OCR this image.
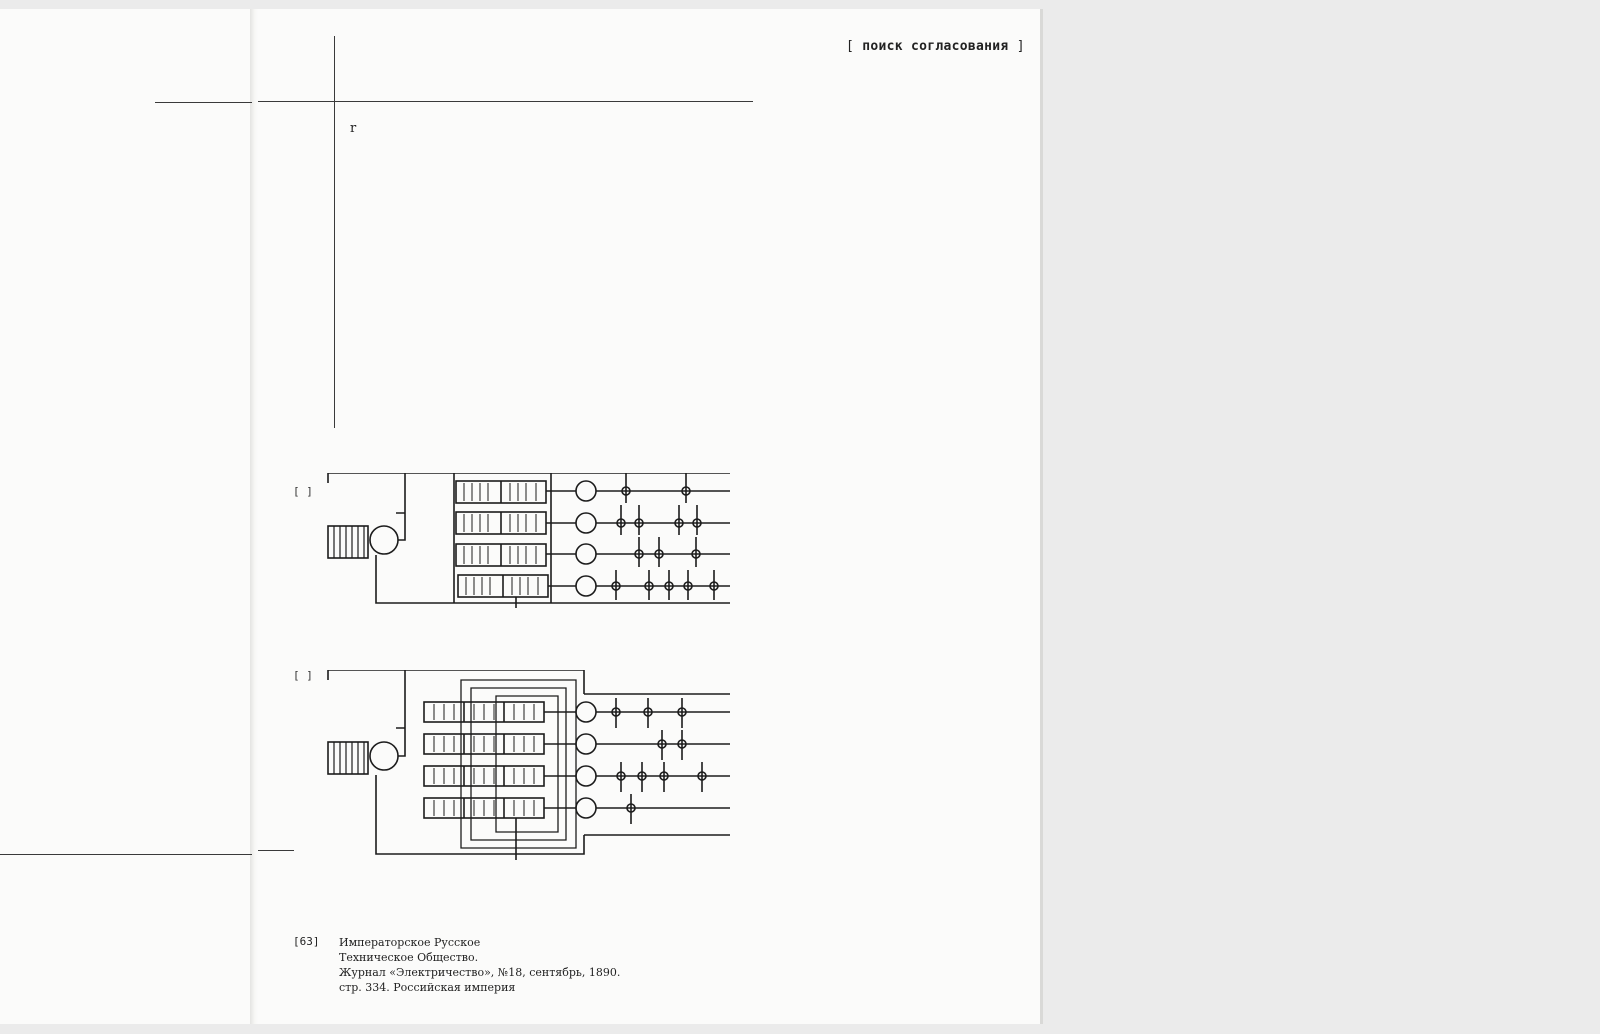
[ поиск согласования ]
r
[ ]
[ ]
[63] Императорское Русское
Техническое Общество.
Журнал «Электричество», №18, сентябрь, 1890.
стр. 334. Российская империя
